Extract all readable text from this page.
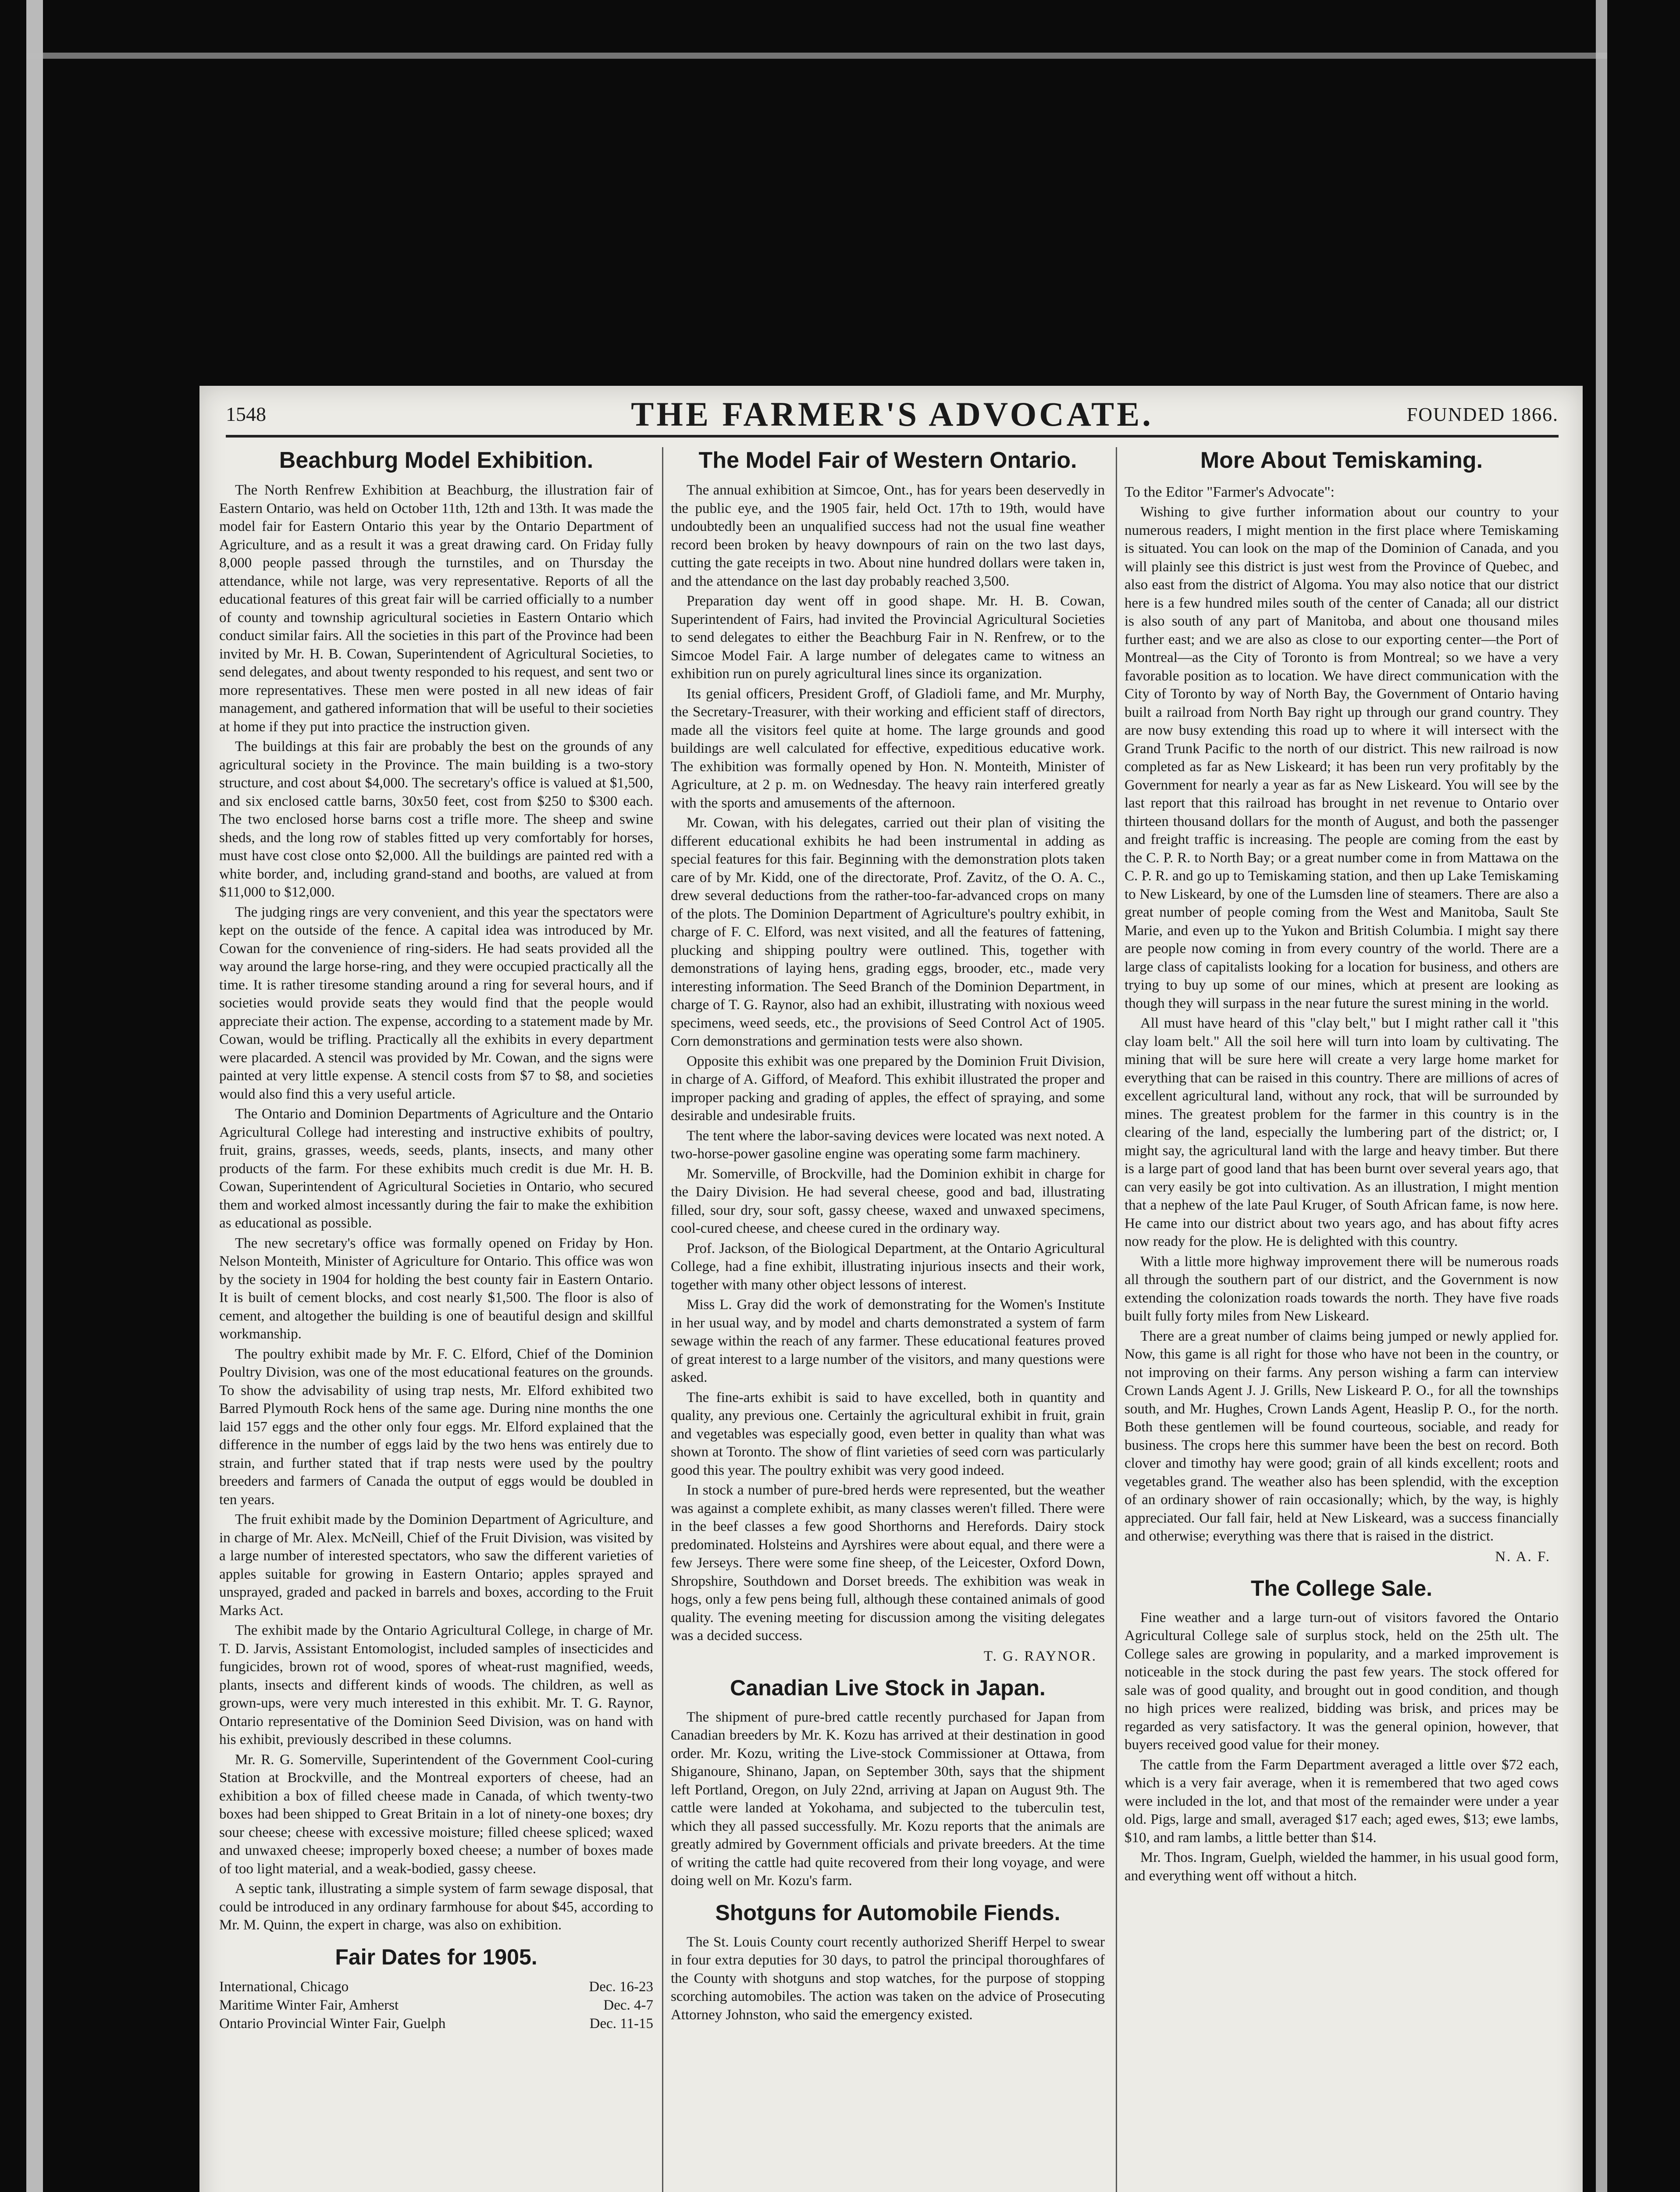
1548	THE FARMER'S ADVOCATE.	FOUNDED 1866.
Beachburg Model Exhibition.

The North Renfrew Exhibition at Beachburg, the illustration fair of Eastern Ontario, was held on October 11th, 12th and 13th. It was made the model fair for Eastern Ontario this year by the Ontario Department of Agriculture, and as a result it was a great drawing card. On Friday fully 8,000 people passed through the turnstiles, and on Thursday the attendance, while not large, was very representative. Reports of all the educational features of this great fair will be carried officially to a number of county and township agricultural societies in Eastern Ontario which conduct similar fairs. All the societies in this part of the Province had been invited by Mr. H. B. Cowan, Superintendent of Agricultural Societies, to send delegates, and about twenty responded to his request, and sent two or more representatives. These men were posted in all new ideas of fair management, and gathered information that will be useful to their societies at home if they put into practice the instruction given.

The buildings at this fair are probably the best on the grounds of any agricultural society in the Province. The main building is a two-story structure, and cost about $4,000. The secretary's office is valued at $1,500, and six enclosed cattle barns, 30x50 feet, cost from $250 to $300 each. The two enclosed horse barns cost a trifle more. The sheep and swine sheds, and the long row of stables fitted up very comfortably for horses, must have cost close onto $2,000. All the buildings are painted red with a white border, and, including grand-stand and booths, are valued at from $11,000 to $12,000.

The judging rings are very convenient, and this year the spectators were kept on the outside of the fence. A capital idea was introduced by Mr. Cowan for the convenience of ring-siders. He had seats provided all the way around the large horse-ring, and they were occupied practically all the time. It is rather tiresome standing around a ring for several hours, and if societies would provide seats they would find that the people would appreciate their action. The expense, according to a statement made by Mr. Cowan, would be trifling. Practically all the exhibits in every department were placarded. A stencil was provided by Mr. Cowan, and the signs were painted at very little expense. A stencil costs from $7 to $8, and societies would also find this a very useful article.

The Ontario and Dominion Departments of Agriculture and the Ontario Agricultural College had interesting and instructive exhibits of poultry, fruit, grains, grasses, weeds, seeds, plants, insects, and many other products of the farm. For these exhibits much credit is due Mr. H. B. Cowan, Superintendent of Agricultural Societies in Ontario, who secured them and worked almost incessantly during the fair to make the exhibition as educational as possible.

The new secretary's office was formally opened on Friday by Hon. Nelson Monteith, Minister of Agriculture for Ontario. This office was won by the society in 1904 for holding the best county fair in Eastern Ontario. It is built of cement blocks, and cost nearly $1,500. The floor is also of cement, and altogether the building is one of beautiful design and skillful workmanship.

The poultry exhibit made by Mr. F. C. Elford, Chief of the Dominion Poultry Division, was one of the most educational features on the grounds. To show the advisability of using trap nests, Mr. Elford exhibited two Barred Plymouth Rock hens of the same age. During nine months the one laid 157 eggs and the other only four eggs. Mr. Elford explained that the difference in the number of eggs laid by the two hens was entirely due to strain, and further stated that if trap nests were used by the poultry breeders and farmers of Canada the output of eggs would be doubled in ten years.

The fruit exhibit made by the Dominion Department of Agriculture, and in charge of Mr. Alex. McNeill, Chief of the Fruit Division, was visited by a large number of interested spectators, who saw the different varieties of apples suitable for growing in Eastern Ontario; apples sprayed and unsprayed, graded and packed in barrels and boxes, according to the Fruit Marks Act.

The exhibit made by the Ontario Agricultural College, in charge of Mr. T. D. Jarvis, Assistant Entomologist, included samples of insecticides and fungicides, brown rot of wood, spores of wheat-rust magnified, weeds, plants, insects and different kinds of woods. The children, as well as grown-ups, were very much interested in this exhibit. Mr. T. G. Raynor, Ontario representative of the Dominion Seed Division, was on hand with his exhibit, previously described in these columns.

Mr. R. G. Somerville, Superintendent of the Government Cool-curing Station at Brockville, and the Montreal exporters of cheese, had an exhibition a box of filled cheese made in Canada, of which twenty-two boxes had been shipped to Great Britain in a lot of ninety-one boxes; dry sour cheese; cheese with excessive moisture; filled cheese spliced; waxed and unwaxed cheese; improperly boxed cheese; a number of boxes made of too light material, and a weak-bodied, gassy cheese.

A septic tank, illustrating a simple system of farm sewage disposal, that could be introduced in any ordinary farmhouse for about $45, according to Mr. M. Quinn, the expert in charge, was also on exhibition.

Fair Dates for 1905.
International, Chicago	Dec. 16-23
Maritime Winter Fair, Amherst	Dec. 4-7
Ontario Provincial Winter Fair, Guelph	Dec. 11-15
The Model Fair of Western Ontario.

The annual exhibition at Simcoe, Ont., has for years been deservedly in the public eye, and the 1905 fair, held Oct. 17th to 19th, would have undoubtedly been an unqualified success had not the usual fine weather record been broken by heavy downpours of rain on the two last days, cutting the gate receipts in two. About nine hundred dollars were taken in, and the attendance on the last day probably reached 3,500.

Preparation day went off in good shape. Mr. H. B. Cowan, Superintendent of Fairs, had invited the Provincial Agricultural Societies to send delegates to either the Beachburg Fair in N. Renfrew, or to the Simcoe Model Fair. A large number of delegates came to witness an exhibition run on purely agricultural lines since its organization.

Its genial officers, President Groff, of Gladioli fame, and Mr. Murphy, the Secretary-Treasurer, with their working and efficient staff of directors, made all the visitors feel quite at home. The large grounds and good buildings are well calculated for effective, expeditious educative work. The exhibition was formally opened by Hon. N. Monteith, Minister of Agriculture, at 2 p. m. on Wednesday. The heavy rain interfered greatly with the sports and amusements of the afternoon.

Mr. Cowan, with his delegates, carried out their plan of visiting the different educational exhibits he had been instrumental in adding as special features for this fair. Beginning with the demonstration plots taken care of by Mr. Kidd, one of the directorate, Prof. Zavitz, of the O. A. C., drew several deductions from the rather-too-far-advanced crops on many of the plots. The Dominion Department of Agriculture's poultry exhibit, in charge of F. C. Elford, was next visited, and all the features of fattening, plucking and shipping poultry were outlined. This, together with demonstrations of laying hens, grading eggs, brooder, etc., made very interesting information. The Seed Branch of the Dominion Department, in charge of T. G. Raynor, also had an exhibit, illustrating with noxious weed specimens, weed seeds, etc., the provisions of Seed Control Act of 1905. Corn demonstrations and germination tests were also shown.

Opposite this exhibit was one prepared by the Dominion Fruit Division, in charge of A. Gifford, of Meaford. This exhibit illustrated the proper and improper packing and grading of apples, the effect of spraying, and some desirable and undesirable fruits.

The tent where the labor-saving devices were located was next noted. A two-horse-power gasoline engine was operating some farm machinery.

Mr. Somerville, of Brockville, had the Dominion exhibit in charge for the Dairy Division. He had several cheese, good and bad, illustrating filled, sour dry, sour soft, gassy cheese, waxed and unwaxed specimens, cool-cured cheese, and cheese cured in the ordinary way.

Prof. Jackson, of the Biological Department, at the Ontario Agricultural College, had a fine exhibit, illustrating injurious insects and their work, together with many other object lessons of interest.

Miss L. Gray did the work of demonstrating for the Women's Institute in her usual way, and by model and charts demonstrated a system of farm sewage within the reach of any farmer. These educational features proved of great interest to a large number of the visitors, and many questions were asked.

The fine-arts exhibit is said to have excelled, both in quantity and quality, any previous one. Certainly the agricultural exhibit in fruit, grain and vegetables was especially good, even better in quality than what was shown at Toronto. The show of flint varieties of seed corn was particularly good this year. The poultry exhibit was very good indeed.

In stock a number of pure-bred herds were represented, but the weather was against a complete exhibit, as many classes weren't filled. There were in the beef classes a few good Shorthorns and Herefords. Dairy stock predominated. Holsteins and Ayrshires were about equal, and there were a few Jerseys. There were some fine sheep, of the Leicester, Oxford Down, Shropshire, Southdown and Dorset breeds. The exhibition was weak in hogs, only a few pens being full, although these contained animals of good quality. The evening meeting for discussion among the visiting delegates was a decided success.

T. G. RAYNOR.
Canadian Live Stock in Japan.

The shipment of pure-bred cattle recently purchased for Japan from Canadian breeders by Mr. K. Kozu has arrived at their destination in good order. Mr. Kozu, writing the Live-stock Commissioner at Ottawa, from Shiganoure, Shinano, Japan, on September 30th, says that the shipment left Portland, Oregon, on July 22nd, arriving at Japan on August 9th. The cattle were landed at Yokohama, and subjected to the tuberculin test, which they all passed successfully. Mr. Kozu reports that the animals are greatly admired by Government officials and private breeders. At the time of writing the cattle had quite recovered from their long voyage, and were doing well on Mr. Kozu's farm.

Shotguns for Automobile Fiends.

The St. Louis County court recently authorized Sheriff Herpel to swear in four extra deputies for 30 days, to patrol the principal thoroughfares of the County with shotguns and stop watches, for the purpose of stopping scorching automobiles. The action was taken on the advice of Prosecuting Attorney Johnston, who said the emergency existed.

More About Temiskaming.

To the Editor "Farmer's Advocate":

Wishing to give further information about our country to your numerous readers, I might mention in the first place where Temiskaming is situated. You can look on the map of the Dominion of Canada, and you will plainly see this district is just west from the Province of Quebec, and also east from the district of Algoma. You may also notice that our district here is a few hundred miles south of the center of Canada; all our district is also south of any part of Manitoba, and about one thousand miles further east; and we are also as close to our exporting center—the Port of Montreal—as the City of Toronto is from Montreal; so we have a very favorable position as to location. We have direct communication with the City of Toronto by way of North Bay, the Government of Ontario having built a railroad from North Bay right up through our grand country. They are now busy extending this road up to where it will intersect with the Grand Trunk Pacific to the north of our district. This new railroad is now completed as far as New Liskeard; it has been run very profitably by the Government for nearly a year as far as New Liskeard. You will see by the last report that this railroad has brought in net revenue to Ontario over thirteen thousand dollars for the month of August, and both the passenger and freight traffic is increasing. The people are coming from the east by the C. P. R. to North Bay; or a great number come in from Mattawa on the C. P. R. and go up to Temiskaming station, and then up Lake Temiskaming to New Liskeard, by one of the Lumsden line of steamers. There are also a great number of people coming from the West and Manitoba, Sault Ste Marie, and even up to the Yukon and British Columbia. I might say there are people now coming in from every country of the world. There are a large class of capitalists looking for a location for business, and others are trying to buy up some of our mines, which at present are looking as though they will surpass in the near future the surest mining in the world.

All must have heard of this "clay belt," but I might rather call it "this clay loam belt." All the soil here will turn into loam by cultivating. The mining that will be sure here will create a very large home market for everything that can be raised in this country. There are millions of acres of excellent agricultural land, without any rock, that will be surrounded by mines. The greatest problem for the farmer in this country is in the clearing of the land, especially the lumbering part of the district; or, I might say, the agricultural land with the large and heavy timber. But there is a large part of good land that has been burnt over several years ago, that can very easily be got into cultivation. As an illustration, I might mention that a nephew of the late Paul Kruger, of South African fame, is now here. He came into our district about two years ago, and has about fifty acres now ready for the plow. He is delighted with this country.

With a little more highway improvement there will be numerous roads all through the southern part of our district, and the Government is now extending the colonization roads towards the north. They have five roads built fully forty miles from New Liskeard.

There are a great number of claims being jumped or newly applied for. Now, this game is all right for those who have not been in the country, or not improving on their farms. Any person wishing a farm can interview Crown Lands Agent J. J. Grills, New Liskeard P. O., for all the townships south, and Mr. Hughes, Crown Lands Agent, Heaslip P. O., for the north. Both these gentlemen will be found courteous, sociable, and ready for business. The crops here this summer have been the best on record. Both clover and timothy hay were good; grain of all kinds excellent; roots and vegetables grand. The weather also has been splendid, with the exception of an ordinary shower of rain occasionally; which, by the way, is highly appreciated. Our fall fair, held at New Liskeard, was a success financially and otherwise; everything was there that is raised in the district.

N. A. F.
The College Sale.

Fine weather and a large turn-out of visitors favored the Ontario Agricultural College sale of surplus stock, held on the 25th ult. The College sales are growing in popularity, and a marked improvement is noticeable in the stock during the past few years. The stock offered for sale was of good quality, and brought out in good condition, and though no high prices were realized, bidding was brisk, and prices may be regarded as very satisfactory. It was the general opinion, however, that buyers received good value for their money.

The cattle from the Farm Department averaged a little over $72 each, which is a very fair average, when it is remembered that two aged cows were included in the lot, and that most of the remainder were under a year old. Pigs, large and small, averaged $17 each; aged ewes, $13; ewe lambs, $10, and ram lambs, a little better than $14.

Mr. Thos. Ingram, Guelph, wielded the hammer, in his usual good form, and everything went off without a hitch.
